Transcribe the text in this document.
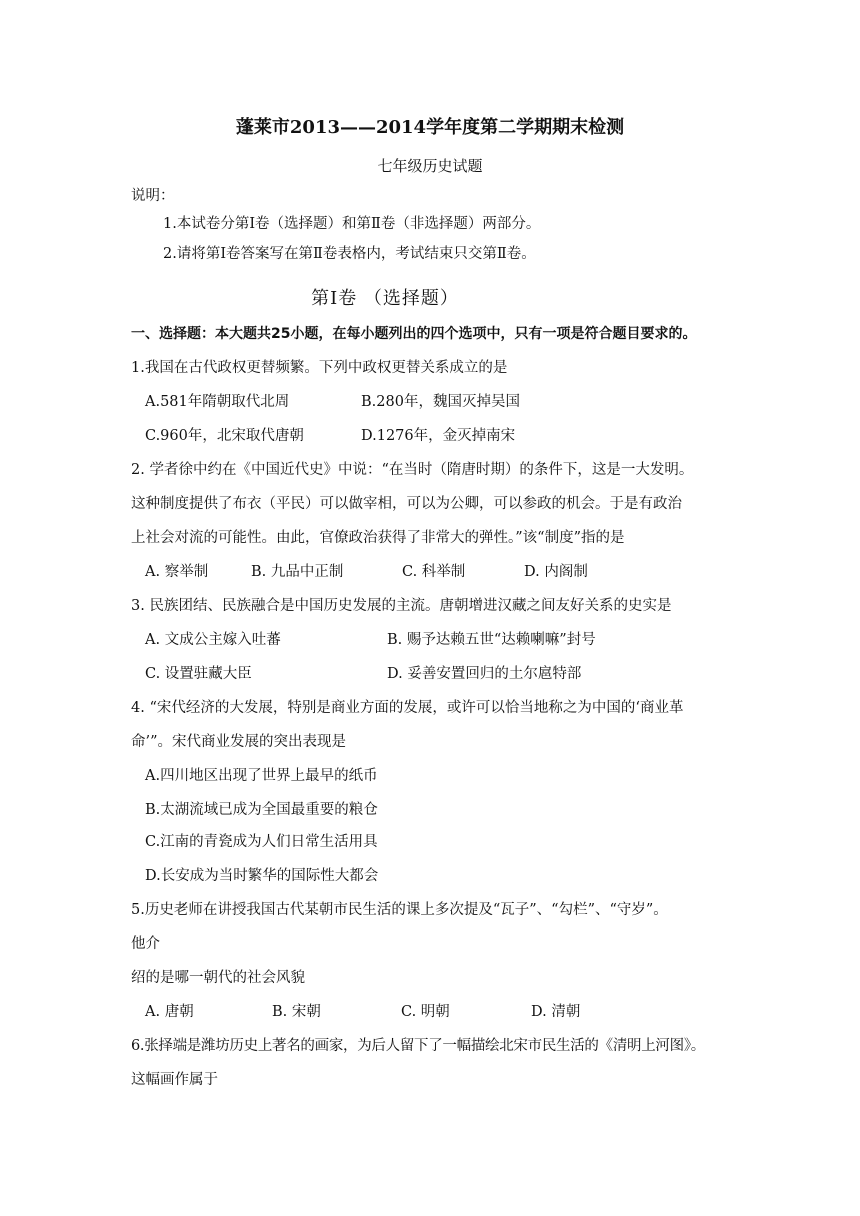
蓬莱市2013——2014学年度第二学期期末检测
七年级历史试题
说明：
1.本试卷分第Ⅰ卷（选择题）和第Ⅱ卷（非选择题）两部分。
2.请将第Ⅰ卷答案写在第Ⅱ卷表格内，考试结束只交第Ⅱ卷。
第Ⅰ卷 （选择题）
一、选择题：本大题共25小题，在每小题列出的四个选项中，只有一项是符合题目要求的。
1.我国在古代政权更替频繁。下列中政权更替关系成立的是
A.581年隋朝取代北周	B.280年，魏国灭掉吴国
C.960年，北宋取代唐朝	D.1276年，金灭掉南宋
2. 学者徐中约在《中国近代史》中说：“在当时（隋唐时期）的条件下，这是一大发明。
这种制度提供了布衣（平民）可以做宰相，可以为公卿，可以参政的机会。于是有政治
上社会对流的可能性。由此，官僚政治获得了非常大的弹性。”该“制度”指的是
A. 察举制	B. 九品中正制	C. 科举制	D. 内阁制
3. 民族团结、民族融合是中国历史发展的主流。唐朝增进汉藏之间友好关系的史实是
A. 文成公主嫁入吐蕃	B. 赐予达赖五世“达赖喇嘛”封号
C. 设置驻藏大臣	D. 妥善安置回归的土尔扈特部
4. “宋代经济的大发展，特别是商业方面的发展，或许可以恰当地称之为中国的‘商业革
命’”。宋代商业发展的突出表现是
A.四川地区出现了世界上最早的纸币
B.太湖流域已成为全国最重要的粮仓
C.江南的青瓷成为人们日常生活用具
D.长安成为当时繁华的国际性大都会
5.历史老师在讲授我国古代某朝市民生活的课上多次提及“瓦子”、“勾栏”、“守岁”。
他介
绍的是哪一朝代的社会风貌
A. 唐朝	B. 宋朝	C. 明朝	D. 清朝
6.张择端是潍坊历史上著名的画家，为后人留下了一幅描绘北宋市民生活的《清明上河图》。
这幅画作属于
